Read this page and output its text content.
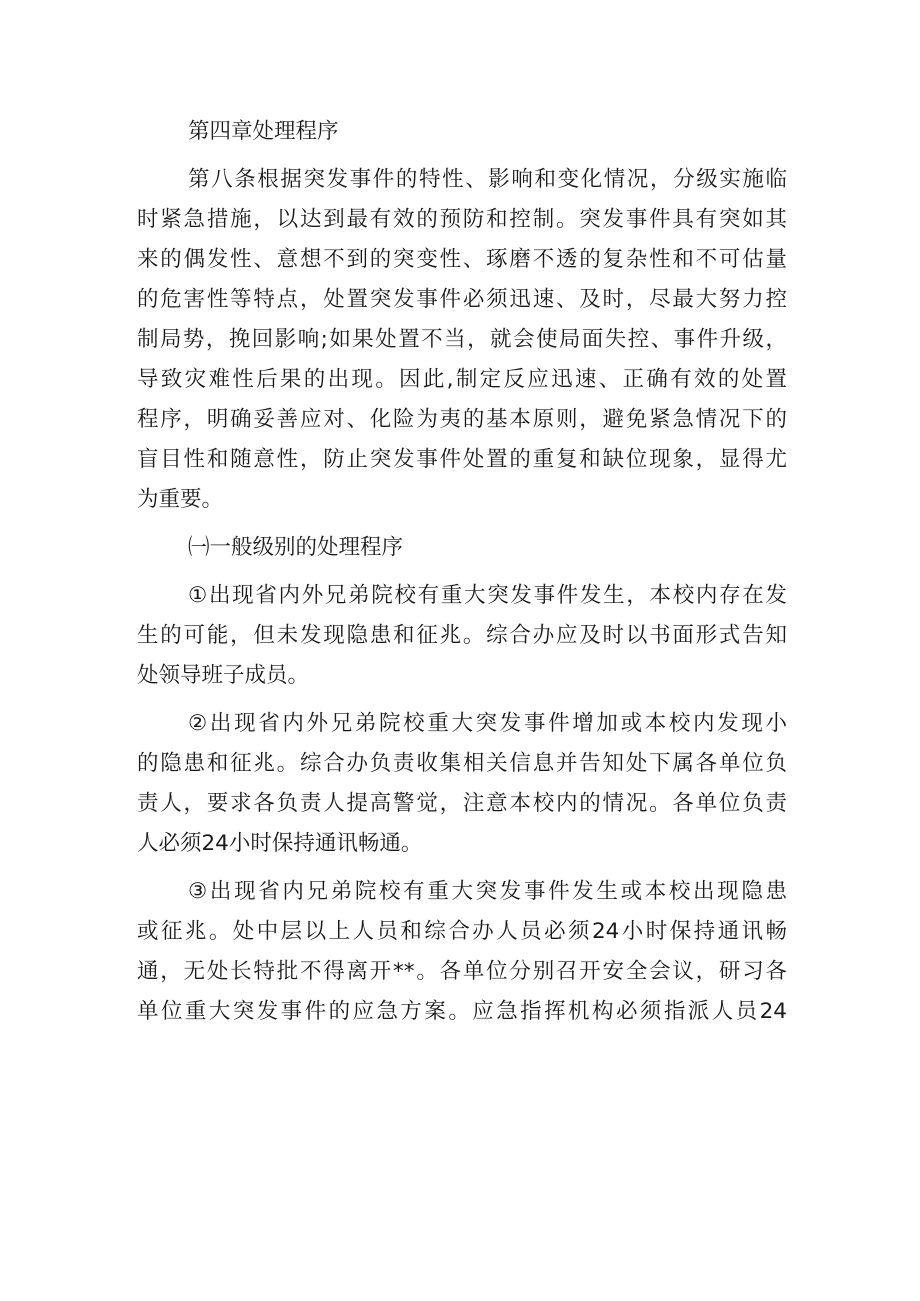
第四章处理程序
第八条根据突发事件的特性、影响和变化情况，分级实施临
时紧急措施，以达到最有效的预防和控制。突发事件具有突如其
来的偶发性、意想不到的突变性、琢磨不透的复杂性和不可估量
的危害性等特点，处置突发事件必须迅速、及时，尽最大努力控
制局势，挽回影响;如果处置不当，就会使局面失控、事件升级，
导致灾难性后果的出现。因此,制定反应迅速、正确有效的处置
程序，明确妥善应对、化险为夷的基本原则，避免紧急情况下的
盲目性和随意性，防止突发事件处置的重复和缺位现象，显得尤
为重要。
㈠一般级别的处理程序
①出现省内外兄弟院校有重大突发事件发生，本校内存在发
生的可能，但未发现隐患和征兆。综合办应及时以书面形式告知
处领导班子成员。
②出现省内外兄弟院校重大突发事件增加或本校内发现小
的隐患和征兆。综合办负责收集相关信息并告知处下属各单位负
责人，要求各负责人提高警觉，注意本校内的情况。各单位负责
人必须24小时保持通讯畅通。
③出现省内兄弟院校有重大突发事件发生或本校出现隐患
或征兆。处中层以上人员和综合办人员必须24小时保持通讯畅
通，无处长特批不得离开**。各单位分别召开安全会议，研习各
单位重大突发事件的应急方案。应急指挥机构必须指派人员24
